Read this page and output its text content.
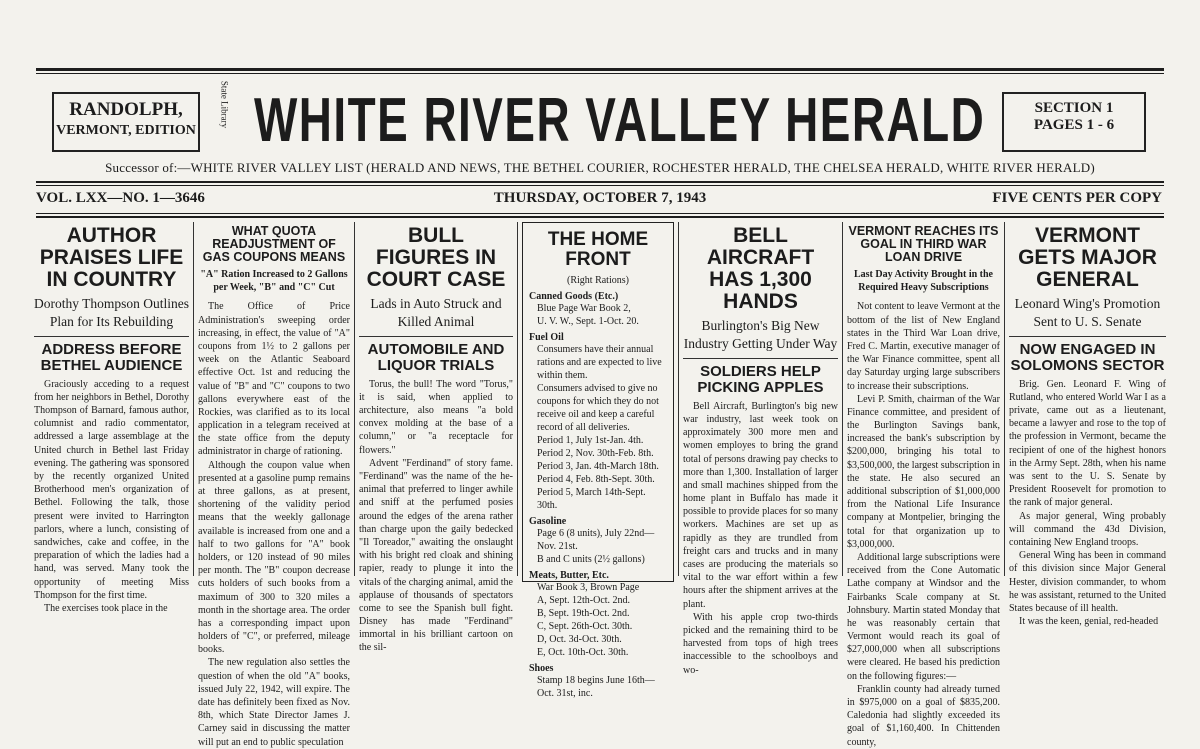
RANDOLPH,
VERMONT, EDITION
State Library WHITE RIVER VALLEY HERALD	SECTION 1
PAGES 1 - 6
Successor of:—WHITE RIVER VALLEY LIST (HERALD AND NEWS, THE BETHEL COURIER, ROCHESTER HERALD, THE CHELSEA HERALD, WHITE RIVER HERALD)
THURSDAY, OCTOBER 7, 1943
VOL. LXX—NO. 1—3646	FIVE CENTS PER COPY
AUTHOR PRAISES LIFE IN COUNTRY
Dorothy Thompson Outlines Plan for Its Rebuilding
ADDRESS BEFORE BETHEL AUDIENCE

Graciously acceding to a request from her neighbors in Bethel, Dorothy Thompson of Barnard, famous author, columnist and radio commentator, addressed a large assemblage at the United church in Bethel last Friday evening. The gathering was sponsored by the recently organized United Brotherhood men's organization of Bethel. Following the talk, those present were invited to Harrington parlors, where a lunch, consisting of sandwiches, cake and coffee, in the preparation of which the ladies had a hand, was served. Many took the opportunity of meeting Miss Thompson for the first time.

The exercises took place in the

WHAT QUOTA READJUSTMENT OF GAS COUPONS MEANS
"A" Ration Increased to 2 Gallons per Week, "B" and "C" Cut

The Office of Price Administration's sweeping order increasing, in effect, the value of "A" coupons from 1½ to 2 gallons per week on the Atlantic Seaboard effective Oct. 1st and reducing the value of "B" and "C" coupons to two gallons everywhere east of the Rockies, was clarified as to its local application in a telegram received at the state office from the deputy administrator in charge of rationing.

Although the coupon value when presented at a gasoline pump remains at three gallons, as at present, shortening of the validity period means that the weekly gallonage available is increased from one and a half to two gallons for "A" book holders, or 120 instead of 90 miles per month. The "B" coupon decrease cuts holders of such books from a maximum of 300 to 320 miles a month in the shortage area. The order has a corresponding impact upon holders of "C", or preferred, mileage books.

The new regulation also settles the question of when the old "A" books, issued July 22, 1942, will expire. The date has definitely been fixed as Nov. 8th, which State Director James J. Carney said in discussing the matter will put an end to public speculation

BULL FIGURES IN COURT CASE
Lads in Auto Struck and Killed Animal
AUTOMOBILE AND LIQUOR TRIALS

Torus, the bull! The word "Torus," it is said, when applied to architecture, also means "a bold convex molding at the base of a column," or "a receptacle for flowers."

Advent "Ferdinand" of story fame. "Ferdinand" was the name of the he-animal that preferred to linger awhile and sniff at the perfumed posies around the edges of the arena rather than charge upon the gaily bedecked "Il Toreador," awaiting the onslaught with his bright red cloak and shining rapier, ready to plunge it into the vitals of the charging animal, amid the applause of thousands of spectators come to see the Spanish bull fight. Disney has made "Ferdinand" immortal in his brilliant cartoon on the sil-

THE HOME FRONT
(Right Rations)
Canned Goods (Etc.)
Blue Page War Book 2,
U. V. W., Sept. 1-Oct. 20.
Fuel Oil
Consumers have their annual rations and are expected to live within them.
Consumers advised to give no coupons for which they do not receive oil and keep a careful record of all deliveries.
Period 1, July 1st-Jan. 4th.
Period 2, Nov. 30th-Feb. 8th.
Period 3, Jan. 4th-March 18th.
Period 4, Feb. 8th-Sept. 30th.
Period 5, March 14th-Sept. 30th.
Gasoline
Page 6 (8 units), July 22nd—Nov. 21st.
B and C units (2½ gallons)
Meats, Butter, Etc.
War Book 3, Brown Page
A, Sept. 12th-Oct. 2nd.
B, Sept. 19th-Oct. 2nd.
C, Sept. 26th-Oct. 30th.
D, Oct. 3d-Oct. 30th.
E, Oct. 10th-Oct. 30th.
Shoes
Stamp 18 begins June 16th—Oct. 31st, inc.
BELL AIRCRAFT HAS 1,300 HANDS
Burlington's Big New Industry Getting Under Way
SOLDIERS HELP PICKING APPLES

Bell Aircraft, Burlington's big new war industry, last week took on approximately 300 more men and women employes to bring the grand total of persons drawing pay checks to more than 1,300. Installation of larger and small machines shipped from the home plant in Buffalo has made it possible to provide places for so many workers. Machines are set up as rapidly as they are trundled from freight cars and trucks and in many cases are producing the materials so vital to the war effort within a few hours after the shipment arrives at the plant.

With his apple crop two-thirds picked and the remaining third to be harvested from tops of high trees inaccessible to the schoolboys and wo-

VERMONT REACHES ITS GOAL IN THIRD WAR LOAN DRIVE
Last Day Activity Brought in the Required Heavy Subscriptions

Not content to leave Vermont at the bottom of the list of New England states in the Third War Loan drive, Fred C. Martin, executive manager of the War Finance committee, spent all day Saturday urging large subscribers to increase their subscriptions.

Levi P. Smith, chairman of the War Finance committee, and president of the Burlington Savings bank, increased the bank's subscription by $200,000, bringing his total to $3,500,000, the largest subscription in the state. He also secured an additional subscription of $1,000,000 from the National Life Insurance company at Montpelier, bringing the total for that organization up to $3,000,000.

Additional large subscriptions were received from the Cone Automatic Lathe company at Windsor and the Fairbanks Scale company at St. Johnsbury. Martin stated Monday that he was reasonably certain that Vermont would reach its goal of $27,000,000 when all subscriptions were cleared. He based his prediction on the following figures:—

Franklin county had already turned in $975,000 on a goal of $835,200. Caledonia had slightly exceeded its goal of $1,160,400. In Chittenden county,

VERMONT GETS MAJOR GENERAL
Leonard Wing's Promotion Sent to U. S. Senate
NOW ENGAGED IN SOLOMONS SECTOR

Brig. Gen. Leonard F. Wing of Rutland, who entered World War I as a private, came out as a lieutenant, became a lawyer and rose to the top of the profession in Vermont, became the recipient of one of the highest honors in the Army Sept. 28th, when his name was sent to the U. S. Senate by President Roosevelt for promotion to the rank of major general.

As major general, Wing probably will command the 43d Division, containing New England troops.

General Wing has been in command of this division since Major General Hester, division commander, to whom he was assistant, returned to the United States because of ill health.

It was the keen, genial, red-headed
